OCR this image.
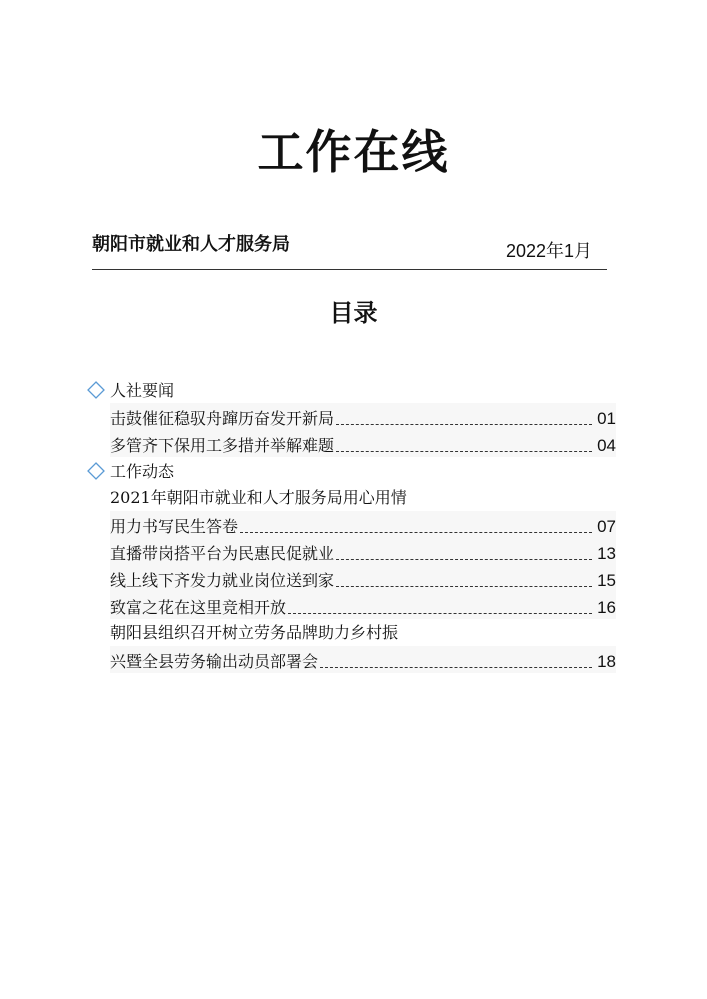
工作在线
朝阳市就业和人才服务局	2022年1月
目录
人社要闻
击鼓催征稳驭舟蹿历奋发开新局	01
多管齐下保用工多措并举解难题	04
工作动态
2021年朝阳市就业和人才服务局用心用情
用力书写民生答卷	07
直播带岗搭平台为民惠民促就业	13
线上线下齐发力就业岗位送到家	15
致富之花在这里竞相开放	16
朝阳县组织召开树立劳务品牌助力乡村振
兴暨全县劳务输出动员部署会	18
